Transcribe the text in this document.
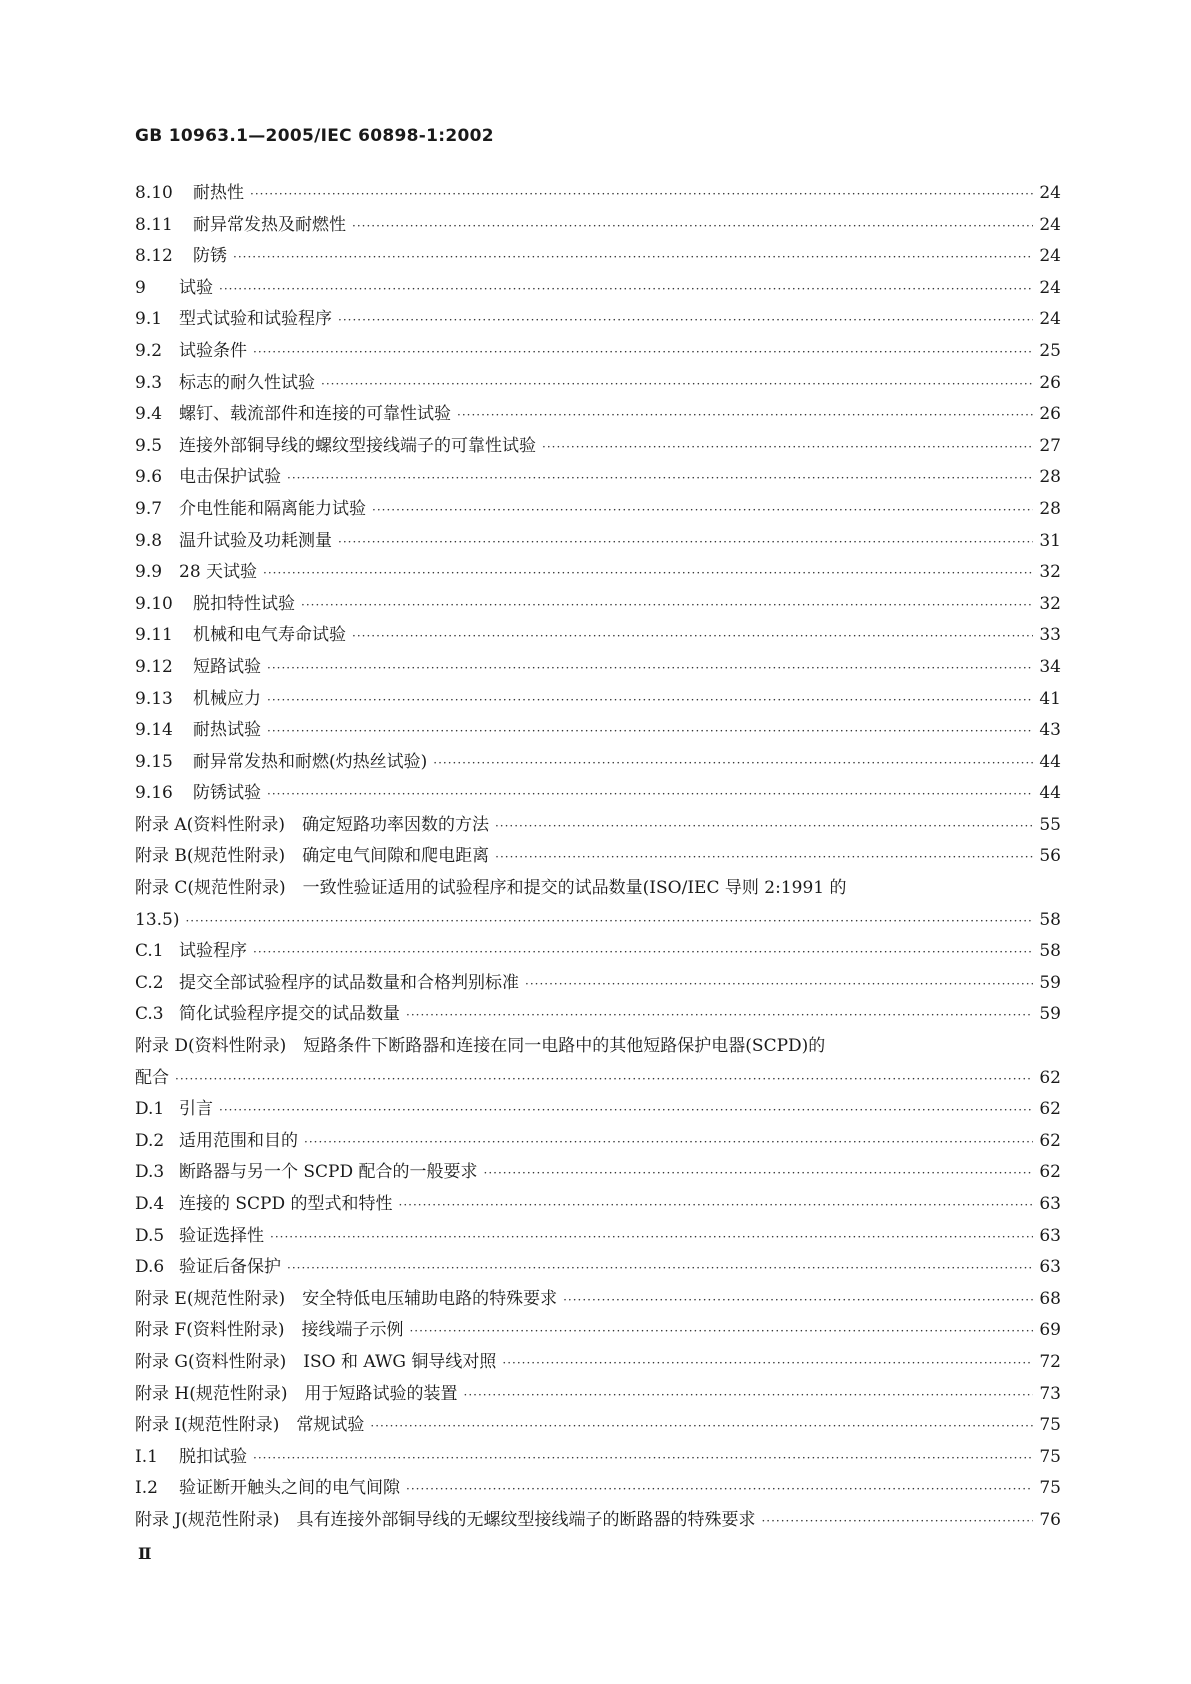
GB 10963.1—2005/IEC 60898-1:2002
8.10	耐热性 ·····	24
8.11	耐异常发热及耐燃性 ·····	24
8.12	防锈 ·····	24
9	试验 ·····	24
9.1 型式试验和试验程序 ·····	24
9.2 试验条件 ·····	25
9.3 标志的耐久性试验 ·····	26
9.4 螺钉、载流部件和连接的可靠性试验 ·····	26
9.5 连接外部铜导线的螺纹型接线端子的可靠性试验 ·····	27
9.6 电击保护试验 ·····	28
9.7 介电性能和隔离能力试验 ·····	28
9.8 温升试验及功耗测量 ·····	31
9.9 28 天试验 ·····	32
9.10	脱扣特性试验 ·····	32
9.11	机械和电气寿命试验 ·····	33
9.12	短路试验 ·····	34
9.13	机械应力 ·····	41
9.14	耐热试验 ·····	43
9.15	耐异常发热和耐燃(灼热丝试验) ·····	44
9.16	防锈试验 ·····	44
附录 A(资料性附录)　确定短路功率因数的方法 ·····	55
附录 B(规范性附录)　确定电气间隙和爬电距离 ·····	56
附录 C(规范性附录)　一致性验证适用的试验程序和提交的试品数量(ISO/IEC 导则 2:1991 的
13.5) ·····	58
C.1 试验程序 ·····	58
C.2 提交全部试验程序的试品数量和合格判别标准 ·····	59
C.3 简化试验程序提交的试品数量 ·····	59
附录 D(资料性附录)　短路条件下断路器和连接在同一电路中的其他短路保护电器(SCPD)的
配合 ·····	62
D.1 引言 ·····	62
D.2 适用范围和目的 ·····	62
D.3 断路器与另一个 SCPD 配合的一般要求 ·····	62
D.4 连接的 SCPD 的型式和特性 ·····	63
D.5 验证选择性 ·····	63
D.6 验证后备保护 ·····	63
附录 E(规范性附录)　安全特低电压辅助电路的特殊要求 ·····	68
附录 F(资料性附录)　接线端子示例 ·····	69
附录 G(资料性附录)　ISO 和 AWG 铜导线对照 ·····	72
附录 H(规范性附录)　用于短路试验的装置 ·····	73
附录 I(规范性附录)　常规试验 ·····	75
I.1	脱扣试验 ·····	75
I.2	验证断开触头之间的电气间隙 ·····	75
附录 J(规范性附录)　具有连接外部铜导线的无螺纹型接线端子的断路器的特殊要求 ·····	76
Ⅱ
